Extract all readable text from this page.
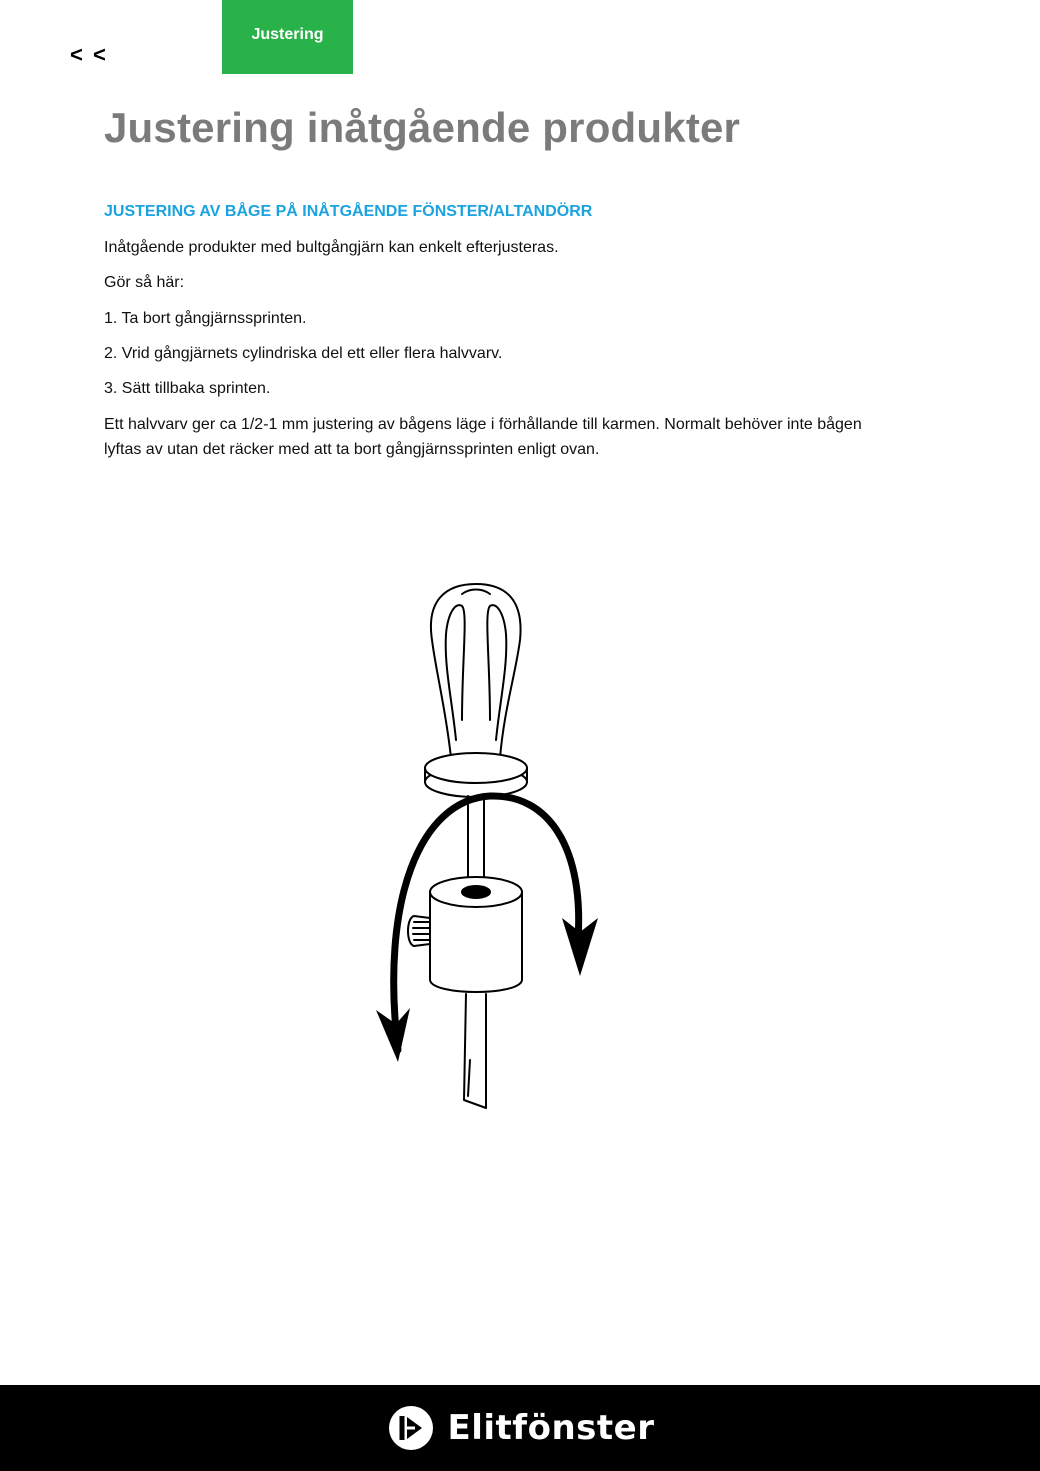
< <
Justering
Justering inåtgående produkter
JUSTERING AV BÅGE PÅ INÅTGÅENDE FÖNSTER/ALTANDÖRR

Inåtgående produkter med bultgångjärn kan enkelt efterjusteras.

Gör så här:

1. Ta bort gångjärnssprinten.

2. Vrid gångjärnets cylindriska del ett eller flera halvvarv.

3. Sätt tillbaka sprinten.

Ett halvvarv ger ca 1/2-1 mm justering av bågens läge i förhållande till karmen. Normalt behöver inte bågen lyftas av utan det räcker med att ta bort gångjärnssprinten enligt ovan.

Elitfönster
